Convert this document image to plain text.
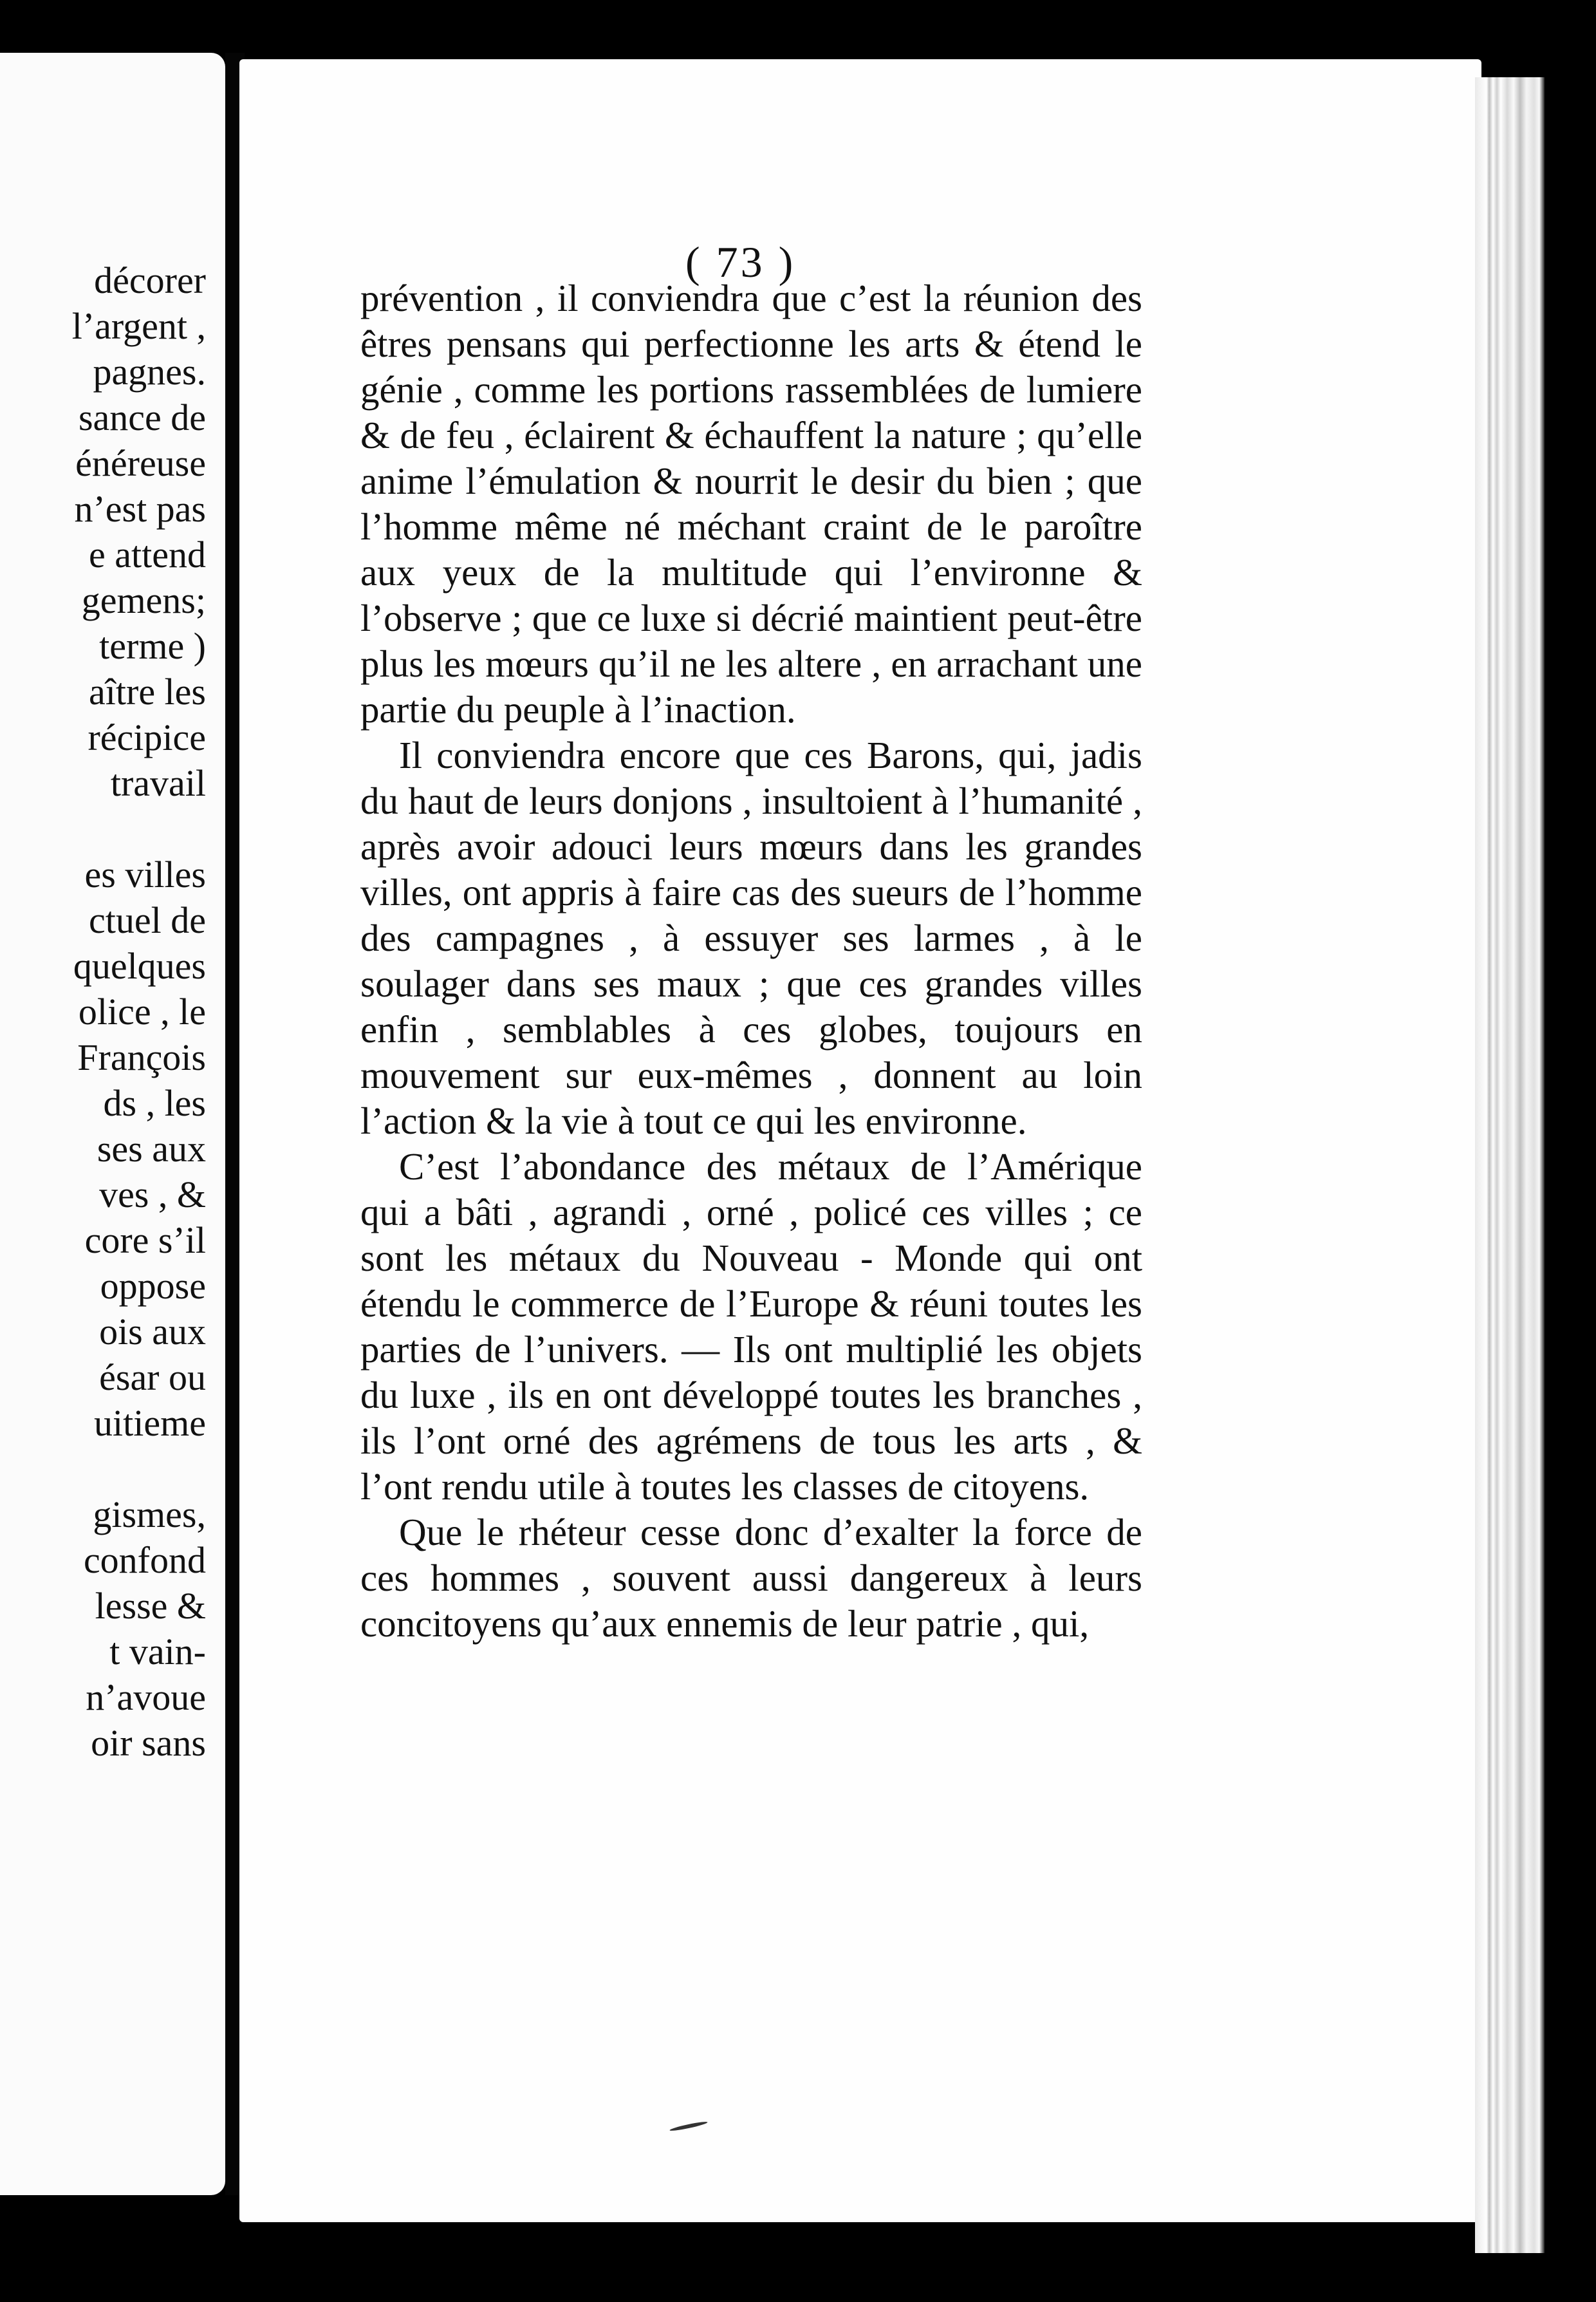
décorer
l’argent ,
pagnes.
sance de
énéreuse
n’est pas
e attend
gemens;
terme )
aître les
récipice
travail

es villes
ctuel de
quelques
olice , le
François
ds , les
ses aux
ves , &
core s’il
oppose
ois aux
ésar ou
uitieme

gismes,
confond
lesse &
t vain-
n’avoue
oir sans
( 73 )

prévention , il conviendra que c’est la réunion des êtres pensans qui perfectionne les arts & étend le génie , comme les portions rassemblées de lumiere & de feu , éclairent & échauffent la nature ; qu’elle anime l’émulation & nourrit le desir du bien ; que l’homme même né méchant craint de le paroître aux yeux de la multitude qui l’environne & l’observe ; que ce luxe si décrié maintient peut-être plus les mœurs qu’il ne les altere , en arrachant une partie du peuple à l’inaction.

Il conviendra encore que ces Barons, qui, jadis du haut de leurs donjons , insultoient à l’humanité , après avoir adouci leurs mœurs dans les grandes villes, ont appris à faire cas des sueurs de l’homme des campagnes , à essuyer ses larmes , à le soulager dans ses maux ; que ces grandes villes enfin , semblables à ces globes, toujours en mouvement sur eux-mêmes , donnent au loin l’action & la vie à tout ce qui les environne.

C’est l’abondance des métaux de l’Amérique qui a bâti , agrandi , orné , policé ces villes ; ce sont les métaux du Nouveau - Monde qui ont étendu le commerce de l’Europe & réuni toutes les parties de l’univers. — Ils ont multiplié les objets du luxe , ils en ont développé toutes les branches , ils l’ont orné des agrémens de tous les arts , & l’ont rendu utile à toutes les classes de citoyens.

Que le rhéteur cesse donc d’exalter la force de ces hommes , souvent aussi dangereux à leurs concitoyens qu’aux ennemis de leur patrie , qui,
